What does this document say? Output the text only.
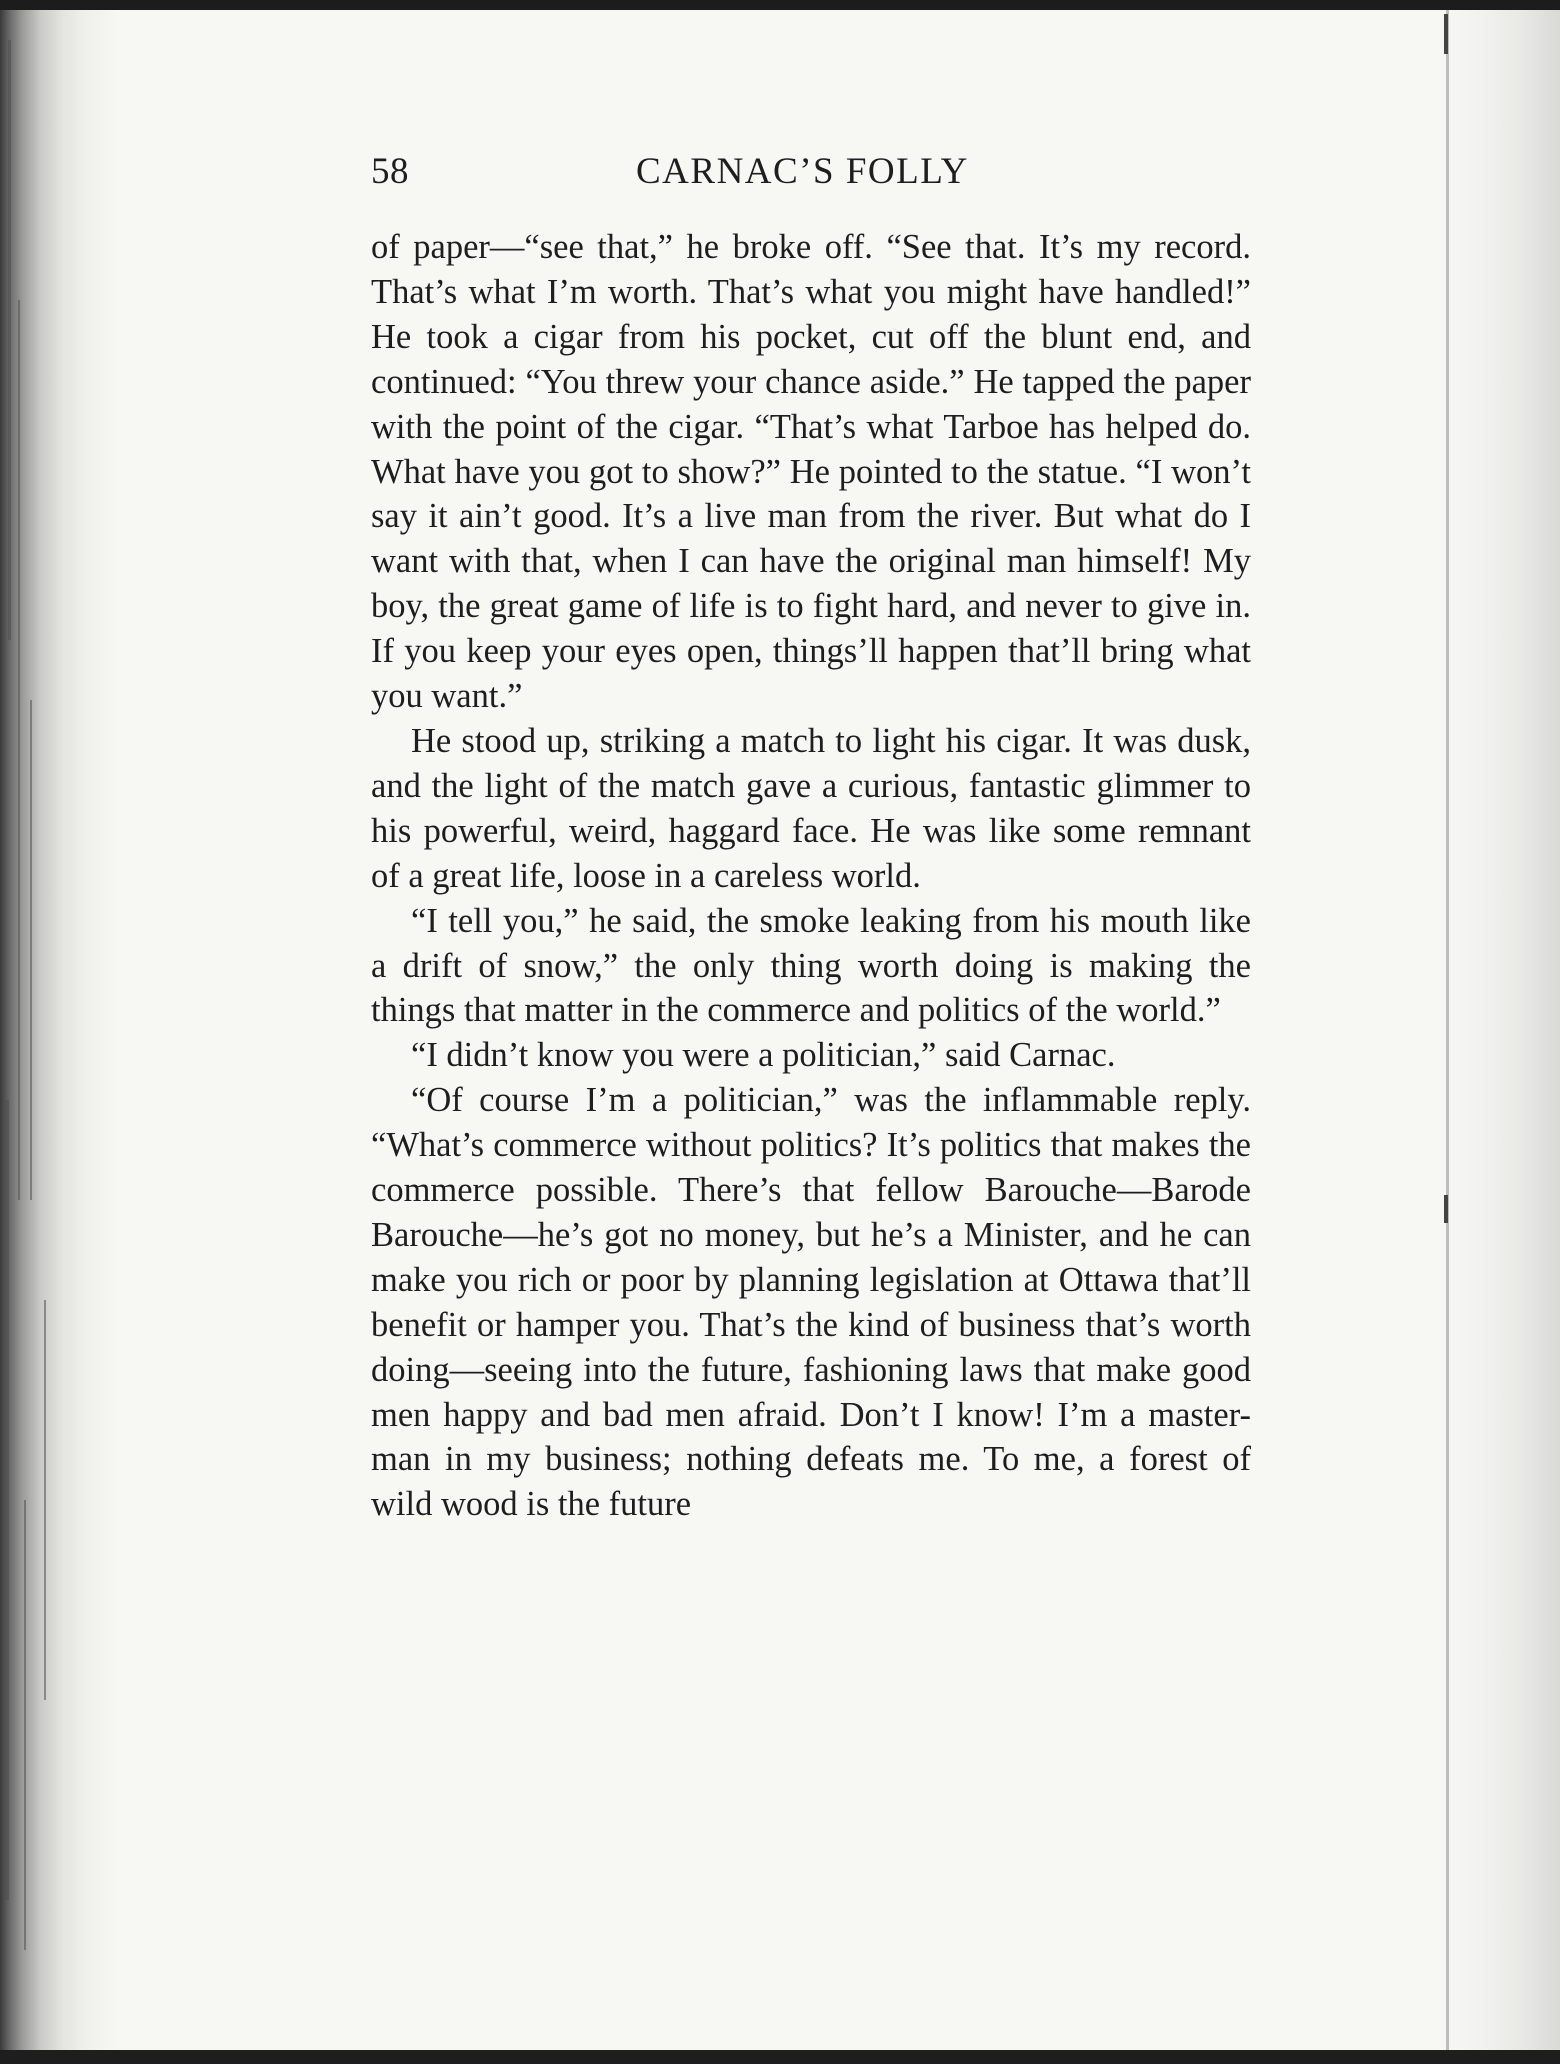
58	CARNAC’S FOLLY

of paper—“see that,” he broke off. “See that. It’s my record. That’s what I’m worth. That’s what you might have handled!” He took a cigar from his pocket, cut off the blunt end, and continued: “You threw your chance aside.” He tapped the paper with the point of the cigar. “That’s what Tarboe has helped do. What have you got to show?” He pointed to the statue. “I won’t say it ain’t good. It’s a live man from the river. But what do I want with that, when I can have the original man himself! My boy, the great game of life is to fight hard, and never to give in. If you keep your eyes open, things’ll happen that’ll bring what you want.”

He stood up, striking a match to light his cigar. It was dusk, and the light of the match gave a curious, fantastic glimmer to his powerful, weird, haggard face. He was like some remnant of a great life, loose in a careless world.

“I tell you,” he said, the smoke leaking from his mouth like a drift of snow,” the only thing worth doing is making the things that matter in the commerce and politics of the world.”

“I didn’t know you were a politician,” said Carnac.

“Of course I’m a politician,” was the inflammable reply. “What’s commerce without politics? It’s politics that makes the commerce possible. There’s that fellow Barouche—Barode Barouche—he’s got no money, but he’s a Minister, and he can make you rich or poor by planning legislation at Ottawa that’ll benefit or hamper you. That’s the kind of business that’s worth doing—seeing into the future, fashioning laws that make good men happy and bad men afraid. Don’t I know! I’m a master-man in my business; nothing defeats me. To me, a forest of wild wood is the future
